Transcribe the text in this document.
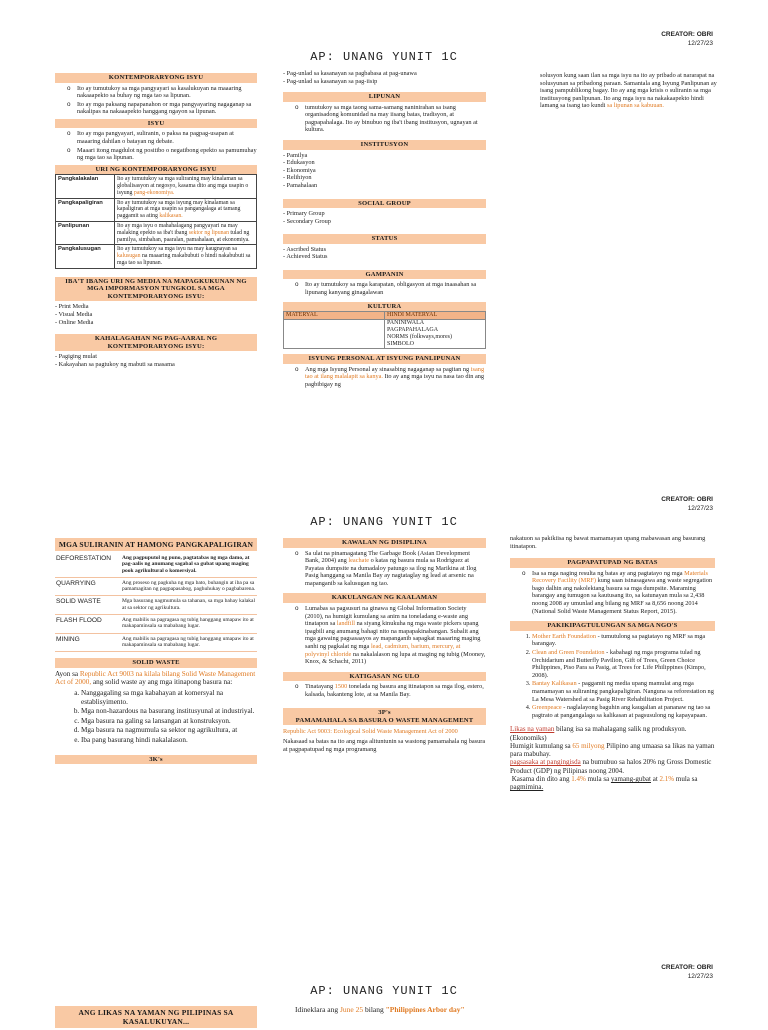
CREATOR: OBRI
12/27/23
AP: UNANG YUNIT 1C
KONTEMPORARYONG ISYU
o Ito ay tumutukoy sa mga pangyayari sa kasalukuyan na maaaring nakaaapekto sa buhay ng mga tao sa lipunan.
o Ito ay mga paksang napapanahon or mga pangyayaring nagaganap sa nakalipas na nakaaapekto hanggang ngayon sa lipunan.
ISYU
o Ito ay mga pangyayari, suliranin, o paksa na pagpag-usapan at maaaring dahilan o batayan ng debate.
o Maaari itong magdulot ng positibo o negatibong epekto sa pamumuhay ng mga tao sa lipunan.
URI NG KONTEMPORARYONG ISYU
Pangkalakalan	Ito ay tumutukoy sa mga suliraning may kinalaman sa globalisasyon at negosyo, kasama dito ang mga usapin o isyung pang-ekonomiya.
Pangkapaligiran	Ito ay tumutukoy sa mga isyung may kinalaman sa kapaligiran at mga usapin sa pangangalaga at tamang paggamit sa ating kalikasan.
Panlipunan	Ito ay mga isyu o mahahalagang pangyayari na may malaking epekto sa iba't ibang sektor ng lipunan tulad ng pamilya, simbahan, paaralan, pamahalaan, at ekonomiya.
Pangkalusugan	Ito ay tumutukoy sa mga isyu na may kaugnayan sa kalusugan na maaaring makabubuti o hindi nakabubuti sa mga tao sa lipunan.
IBA'T IBANG URI NG MEDIA NA MAPAGKUKUNAN NG MGA IMPORMASYON TUNGKOL SA MGA KONTEMPORARYONG ISYU:
- Print Media
- Visual Media
- Online Media
KAHALAGAHAN NG PAG-AARAL NG KONTEMPORARYONG ISYU:
- Pagiging mulat
- Kakayahan sa pagtukoy ng mabuti sa masama
- Pag-unlad sa kasanayan sa pagbabasa at pag-unawa
- Pag-unlad sa kasanayan sa pag-iisip
LIPUNAN
o tumutukoy sa mga taong sama-samang naninirahan sa isang organisadong komunidad na may iisang batas, tradisyon, at pagpapahalaga. Ito ay binubuo ng iba't ibang institusyon, ugnayan at kultura.
INSTITUSYON
- Pamilya
- Edukasyon
- Ekonomiya
- Relihiyon
- Pamahalaan
SOCIAL GROUP
- Primary Group
- Secondary Group
STATUS
- Ascribed Status
- Achieved Status
GAMPANIN
o Ito ay tumutukoy sa mga karapatan, obligasyon at mga inaasahan sa lipunang kanyang ginagalawan
KULTURA
MATERYAL	HINDI MATERYAL

	PANINIWALA
PAGPAPAHALAGA
NORMS (folkways,mores)
SIMBOLO
ISYUNG PERSONAL AT ISYUNG PANLIPUNAN
o Ang mga Isyung Personal ay sinasabing nagaganap sa pagitan ng isang tao at ilang malalapit sa kanya. Ito ay ang mga isyu na nasa tao din ang pagbibigay ng
solusyon kung saan ilan sa mga isyu na ito ay pribado at nararapat na solusyunan sa pribadong paraan. Samantala ang Isyung Panlipunan ay isang pampublikong bagay. Ito ay ang mga krisis o suliranin sa mga institusyong panlipunan. Ito ang mga isyu na nakakaapekto hindi lamang sa isang tao kundi sa lipunan sa kabuuan.
CREATOR: OBRI
12/27/23
AP: UNANG YUNIT 1C
MGA SULIRANIN AT HAMONG PANGKAPALIGIRAN
DEFORESTATION	Ang pagpuputol ng puno, pagtatabas ng mga damo, at pag-aalis ng anumang sagabal sa gubat upang maging pook agrikultural o komersiyal.
QUARRYING	Ang proseso ng pagkuha ng mga bato, buhangin at iba pa sa pamamagitan ng pagpapasabog, paghuhukay o pagbabarena.
SOLID WASTE	Mga basurang nagmumula sa tahanan, sa mga bahay kalakal at sa sektor ng agrikultura.
FLASH FLOOD	Ang mabilis na pagragasa ng tubig hanggang umapaw ito at makapaminsala sa mababang lugar.
MINING	Ang mabilis na pagragasa ng tubig hanggang umapaw ito at makapaminsala sa mababang lugar.
SOLID WASTE
Ayon sa Republic Act 9003 na kilala bilang Solid Waste Management Act of 2000, ang solid waste ay ang mga itinapong basura na:
a. Nanggagaling sa mga kabahayan at komersyal na establisyimento.
b. Mga non-hazardous na basurang institusyunal at industriyal.
c. Mga basura na galing sa lansangan at konstruksyon.
d. Mga basura na nagmumula sa sektor ng agrikultura, at
e. Iba pang basurang hindi nakalalason.
3K's
KAWALAN NG DISIPLINA
o Sa ulat na pinamagatang The Garbage Book (Asian Development Bank, 2004) ang leachate o katas ng basura mula sa Rodriguez at Payatas dumpsite na dumadaloy patungo sa ilog ng Marikina at Ilog Pasig hanggang sa Manila Bay ay nagtataglay ng lead at arsenic na mapanganib sa kalusugan ng tao.
KAKULANGAN NG KAALAMAN
o Lumabas sa pagsusuri na ginawa ng Global Information Society (2010), na humigit kumulang sa anim na toneladang e-waste ang tinatapon sa landfill na siyang kinukuha ng mga waste pickers upang ipagbili ang anumang bahagi nito na mapapakinabangan. Subalit ang mga gawaing pagsasaayos ay mapanganib sapagkat maaaring maging sanhi ng pagkalat ng mga lead, cadmium, barium, mercury, at polyvinyl chloride na nakalalason ng lupa at maging ng tubig (Mooney, Knox, & Schacht, 2011)
KATIGASAN NG ULO
o Tinatayang 1500 tonelada ng basura ang itinatapon sa mga ilog, estero, kalsada, bakanteng lote, at sa Manila Bay.
3P's
PAMAMAHALA SA BASURA O WASTE MANAGEMENT
Republic Act 9003: Ecological Solid Waste Management Act of 2000
Nakasaad sa batas na ito ang mga alituntunin sa wastong pamamahala ng basura at pagpapatupad ng mga programang
nakatuon sa pakikiisa ng bawat mamamayan upang mabawasan ang basurang itinatapon.
PAGPAPATUPAD NG BATAS
o Isa sa mga naging resulta ng batas ay ang pagtatayo ng mga Materials Recovery Facility (MRF) kung saan isinasagawa ang waste segregation bago dalhin ang nakolektang basura sa mga dumpsite. Maraming barangay ang tumugon sa kautusang ito, sa katunayan mula sa 2,438 noong 2008 ay umunlad ang bilang ng MRF sa 8,656 noong 2014 (National Solid Waste Management Status Report, 2015).
PAKIKIPAGTULUNGAN SA MGA NGO'S
1. Mother Earth Foundation - tumutulong sa pagtatayo ng MRF sa mga barangay.
2. Clean and Green Foundation - kabahagi ng mga programa tulad ng Orchidarium and Butterfly Pavilion, Gift of Trees, Green Choice Philippines, Piso Para sa Pasig, at Trees for Life Philippines (Kimpo, 2008).
3. Bantay Kalikasan - paggamit ng media upang mamulat ang mga mamamayan sa suliraning pangkapaligiran. Nanguna sa reforestation ng La Mesa Watershed at sa Pasig River Rehabilitation Project.
4. Greenpeace - naglalayong baguhin ang kaugalian at pananaw ng tao sa pagtrato at pangangalaga sa kalikasan at pagsusulong ng kapayapaan.
Likas na yaman bilang isa sa mahalagang salik ng produksyon. (Ekonomiks)
Humigit kumulang sa 65 milyong Pilipino ang umaasa sa likas na yaman para mabuhay.
pagsasaka at pangingisda na bumubuo sa halos 20% ng Gross Domestic Product (GDP) ng Pilipinas noong 2004.
Kasama din dito ang 1.4% mula sa yamang-gubat at 2.1% mula sa pagmimina.
CREATOR: OBRI
12/27/23
AP: UNANG YUNIT 1C
ANG LIKAS NA YAMAN NG PILIPINAS SA KASALUKUYAN...
Idineklara ang June 25 bilang "Philippines Arbor day"
